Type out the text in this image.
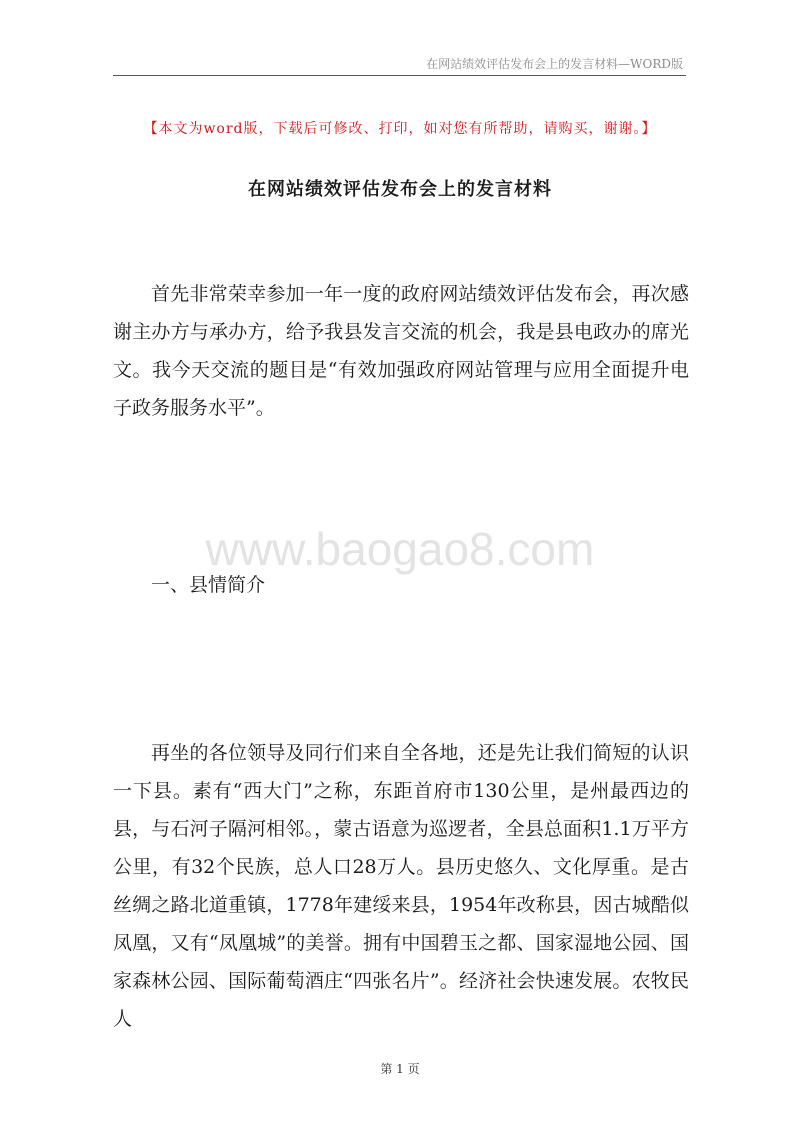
在网站绩效评估发布会上的发言材料—WORD版
【本文为word版，下载后可修改、打印，如对您有所帮助，请购买，谢谢。】
在网站绩效评估发布会上的发言材料

首先非常荣幸参加一年一度的政府网站绩效评估发布会，再次感谢主办方与承办方，给予我县发言交流的机会，我是县电政办的席光文。我今天交流的题目是“有效加强政府网站管理与应用全面提升电子政务服务水平”。

www.baogao8.com

一、县情简介

再坐的各位领导及同行们来自全各地，还是先让我们简短的认识一下县。素有“西大门”之称，东距首府市130公里，是州最西边的县，与石河子隔河相邻。，蒙古语意为巡逻者，全县总面积1.1万平方公里，有32个民族，总人口28万人。县历史悠久、文化厚重。是古丝绸之路北道重镇，1778年建绥来县，1954年改称县，因古城酷似凤凰，又有“凤凰城”的美誉。拥有中国碧玉之都、国家湿地公园、国家森林公园、国际葡萄酒庄“四张名片”。经济社会快速发展。农牧民人

第 1 页
